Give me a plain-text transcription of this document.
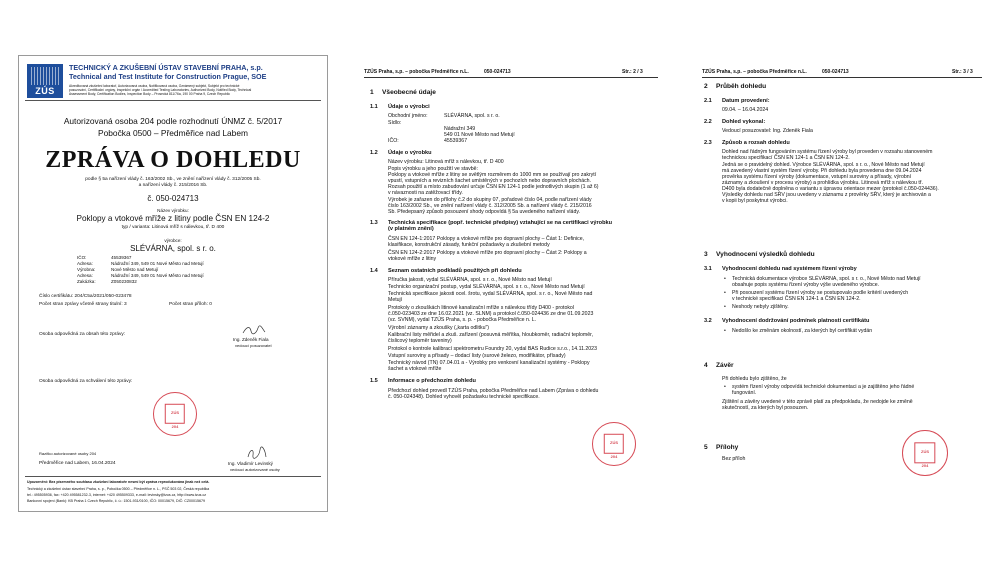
ZÚS
TECHNICKÝ A ZKUŠEBNÍ ÚSTAV STAVEBNÍ PRAHA, s.p.
Technical and Test Institute for Construction Prague, SOE
Akreditovaná zkušební laboratoř, Autorizovaná osoba, Notifikovaná osoba, Oznámený subjekt, Subjekt pro technické
posuzování, Certifikační orgány, Inspekční orgán / Accredited Testing Laboratories, Authorized Body, Notified Body, Technical
Assessment Body, Certification Bodies, Inspection Body – Prosecká 811/76a, 190 00 Praha 9, Czech Republic
Autorizovaná osoba 204 podle rozhodnutí ÚNMZ č. 5/2017
Pobočka 0500 – Předměřice nad Labem
ZPRÁVA O DOHLEDU
podle § 5a nařízení vlády č. 163/2002 Sb., ve znění nařízení vlády č. 312/2005 Sb.
a nařízení vlády č. 215/2016 Sb.
č. 050-024713
Název výrobku:
Poklopy a vtokové mříže z litiny podle ČSN EN 124-2
typ / varianta: Litinová mříž s nálevkou, tř. D 400
výrobce:
SLÉVÁRNA, spol. s r. o.
IČO:	45539367
Adresa:	Nádražní 349, 549 01 Nové Město nad Metují
Výrobna:	Nové Město nad Metují
Adresa:	Nádražní 349, 549 01 Nové Město nad Metují
Zakázka:	Z050230832
Číslo certifikátu: 204/C5a/2021/050-023478
Počet stran zprávy včetně strany titulní: 3	Počet stran příloh: 0
Osoba odpovědná za obsah této zprávy:
Ing. Zdeněk Fiala
vedoucí posuzovatel
Osoba odpovědná za schválení této zprávy:
ZÚS
204
Razítko autorizované osoby 204
Předměřice nad Labem, 16.04.2024	Ing. Vladimír Levinský
vedoucí autorizované osoby
Upozornění: Bez písemného souhlasu zkušební laboratoře nesmí být zpráva reprodukována jinak než celá.
Technický a zkušební ústav stavební Praha, s. p., Pobočka 0500 – Předměřice n. L., PSČ 503 02, Česká republika
tel.: 495505936, fax: +420 495581232-3, internet: +420 495509333, e-mail: levinsky@tzus.cz, http://www.tzus.cz
Bankovní spojení (Bank): KB Praha 1 Czech Republic, č. ú.: 1501-931/0100, IČO: 00015679, DIČ: CZ00015679
TZÚS Praha, s.p. – pobočka Předměřice n.L.	050-024713	Str.: 2 / 3
1 Všeobecné údaje
1.1 Údaje o výrobci
Obchodní jméno:	SLÉVÁRNA, spol. s r. o.
Sídlo:
Nádražní 349
549 01 Nové Město nad Metují
IČO:	45539367
1.2 Údaje o výrobku
Název výrobku: Litinová mříž s nálevkou, tř. D 400
Popis výrobku a jeho použití ve stavbě:
Poklopy a vtokové mříže z litiny se světlým rozměrem do 1000 mm se používají pro zakrytí
vpustí, vstupních a revizních šachet umístěných v pochozích nebo dopravních plochách.
Rozsah použití a místo zabudování určuje ČSN EN 124-1 podle jednotlivých skupin (1 až 6)
v návaznosti na zatěžovací třídy.
Výrobek je zařazen do přílohy č.2 do skupiny 07, pořadové číslo 04, podle nařízení vlády
číslo 163/2002 Sb., ve znění nařízení vlády č. 312/2005 Sb. a nařízení vlády č. 215/2016
Sb. Předepsaný způsob posouzení shody odpovídá § 5a uvedeného nařízení vlády.
1.3 Technická specifikace (popř. technické předpisy) vztahující se na certifikaci výrobku
(v platném znění)
ČSN EN 124-1:2017 Poklopy a vtokové mříže pro dopravní plochy – Část 1: Definice,
klasifikace, konstrukční zásady, funkční požadavky a zkušební metody
ČSN EN 124-2:2017 Poklopy a vtokové mříže pro dopravní plochy – Část 2: Poklopy a
vtokové mříže z litiny
1.4 Seznam ostatních podkladů použitých při dohledu
Příručka jakosti, vydal SLÉVÁRNA, spol. s r. o., Nové Město nad Metují
Technicko organizační postup, vydal SLÉVÁRNA, spol. s r. o., Nové Město nad Metují
Technická specifikace jakosti ocel. šrotu, vydal SLÉVÁRNA, spol. s r. o., Nové Město nad
Metují
Protokoly o zkouškách litinové kanalizační mříže s nálevkou třídy D400 - protokol
č.050-023403 ze dne 16.02.2021 (vz. SLNM) a protokol č.050-024436 ze dne 01.09.2023
(vz. SVNM), vydal TZÚS Praha, s. p. - pobočka Předměřice n. L.
Výrobní záznamy a zkoušky („karta odlitku")
Kalibrační listy měřidel a zkuš. zařízení (posuvná měřítka, hloubkoměr, radiační teploměr,
číslicový teploměr taveniny)
Protokol o kontrole kalibrací spektrometru Foundry 20, vydal BAS Rudice s.r.o., 14.11.2023
Vstupní suroviny a přísady – dodací listy (surové železo, modifikátor, přísady)
Technický návod (TN) 07.04.01 a - Výrobky pro venkovní kanalizační systémy - Poklopy
šachet a vtokové mříže
1.5 Informace o předchozím dohledu
Předchozí dohled provedl TZÚS Praha, pobočka Předměřice nad Labem (Zpráva o dohledu
č. 050-024348). Dohled vyhověl požadavku technické specifikace.
ZÚS
204
TZÚS Praha, s.p. – pobočka Předměřice n.L.	050-024713	Str.: 3 / 3
2 Průběh dohledu
2.1 Datum provedení:
09.04. – 16.04.2024
2.2 Dohled vykonal:
Vedoucí posuzovatel: Ing. Zdeněk Fiala
2.3 Způsob a rozsah dohledu
Dohled nad řádným fungováním systému řízení výroby byl proveden v rozsahu stanoveném
technickou specifikací ČSN EN 124-1 a ČSN EN 124-2.
Jedná se o pravidelný dohled. Výrobce SLÉVÁRNA, spol. s r. o., Nové Město nad Metují
má zavedený vlastní systém řízení výroby. Při dohledu byla provedena dne 09.04.2024
prověrka systému řízení výroby (dokumentace, vstupní suroviny a přísady, výrobní
záznamy a zkoušení v procesu výroby) a prohlídka výrobku. Litinová mříž s nálevkou tř.
D400 byla dodatečně doplněna o variantu s úpravou orientace mezer (protokol č.050-024436).
Výsledky dohledu nad SŘV jsou uvedeny v záznamu z prověrky SŘV, který je archivován a
v kopii byl poskytnut výrobci.
3 Vyhodnocení výsledků dohledu
3.1 Vyhodnocení dohledu nad systémem řízení výroby
• Technická dokumentace výrobce SLÉVÁRNA, spol. s r. o., Nové Město nad Metují
obsahuje popis systému řízení výroby výše uvedeného výrobce.
• Při posouzení systému řízení výroby se postupovalo podle kritérií uvedených
v technické specifikaci ČSN EN 124-1 a ČSN EN 124-2.
• Neshody nebyly zjištěny.
3.2 Vyhodnocení dodržování podmínek platnosti certifikátu
• Nedošlo ke změnám okolností, za kterých byl certifikát vydán
4 Závěr
Při dohledu bylo zjištěno, že
• systém řízení výroby odpovídá technické dokumentaci a je zajištěno jeho řádné
fungování.
Zjištění a závěry uvedené v této zprávě platí za předpokladu, že nedojde ke změně
skutečností, za kterých byl posouzen.
5 Přílohy
Bez příloh
ZÚS
204
